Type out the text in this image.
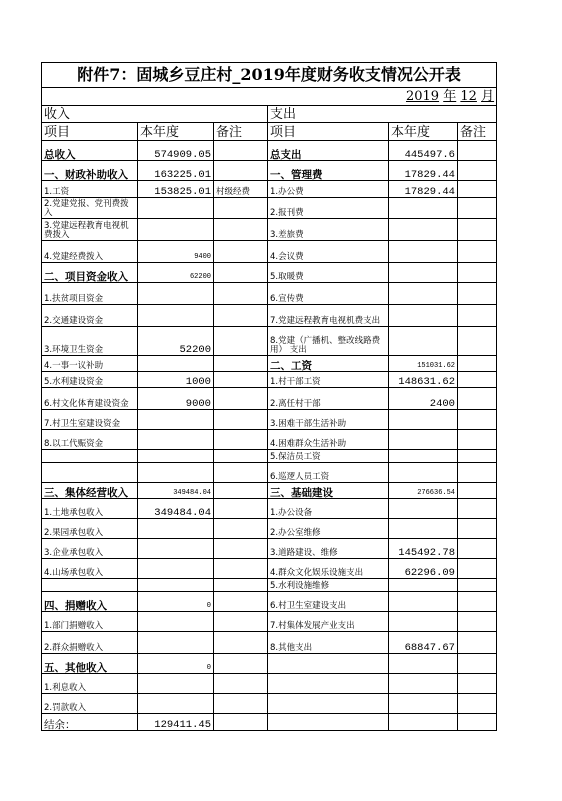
附件7：固城乡豆庄村_2019年度财务收支情况公开表					
2019 年 12 月					
收入			支出		
项目	本年度	备注	项目	本年度	备注
总收入	574909.05		总支出	445497.6	
一、财政补助收入	163225.01		一、管理费	17829.44	
1.工资	153825.01	村级经费	1.办公费	17829.44	
2.党建党报、党刊费拨入			2.报刊费		
3.党建远程教育电视机费拨入			3.差旅费		
4.党建经费拨入	9400		4.会议费		
二、项目资金收入	62200		5.取暖费		
1.扶贫项目资金			6.宣传费		
2.交通建设资金			7.党建远程教育电视机费支出		
3.环境卫生资金	52200		8.党建（广播机、整改线路费用） 支出		
4.一事一议补助			二、工资	151031.62	
5.水利建设资金	1000		1.村干部工资	148631.62	
6.村文化体育建设资金	9000		2.离任村干部	2400	
7.村卫生室建设资金			3.困难干部生活补助		
8.以工代赈资金			4.困难群众生活补助		
			5.保洁员工资		
			6.巡逻人员工资		
三、集体经营收入	349484.04		三、基础建设	276636.54	
1.土地承包收入	349484.04		1.办公设备		
2.果园承包收入			2.办公室维修		
3.企业承包收入			3.道路建设、维修	145492.78	
4.山场承包收入			4.群众文化娱乐设施支出	62296.09	
			5.水利设施维修		
四、捐赠收入	0		6.村卫生室建设支出		
1.部门捐赠收入			7.村集体发展产业支出		
2.群众捐赠收入			8.其他支出	68847.67	
五、其他收入	0				
1.利息收入					
2.罚款收入					
结余：	129411.45				
